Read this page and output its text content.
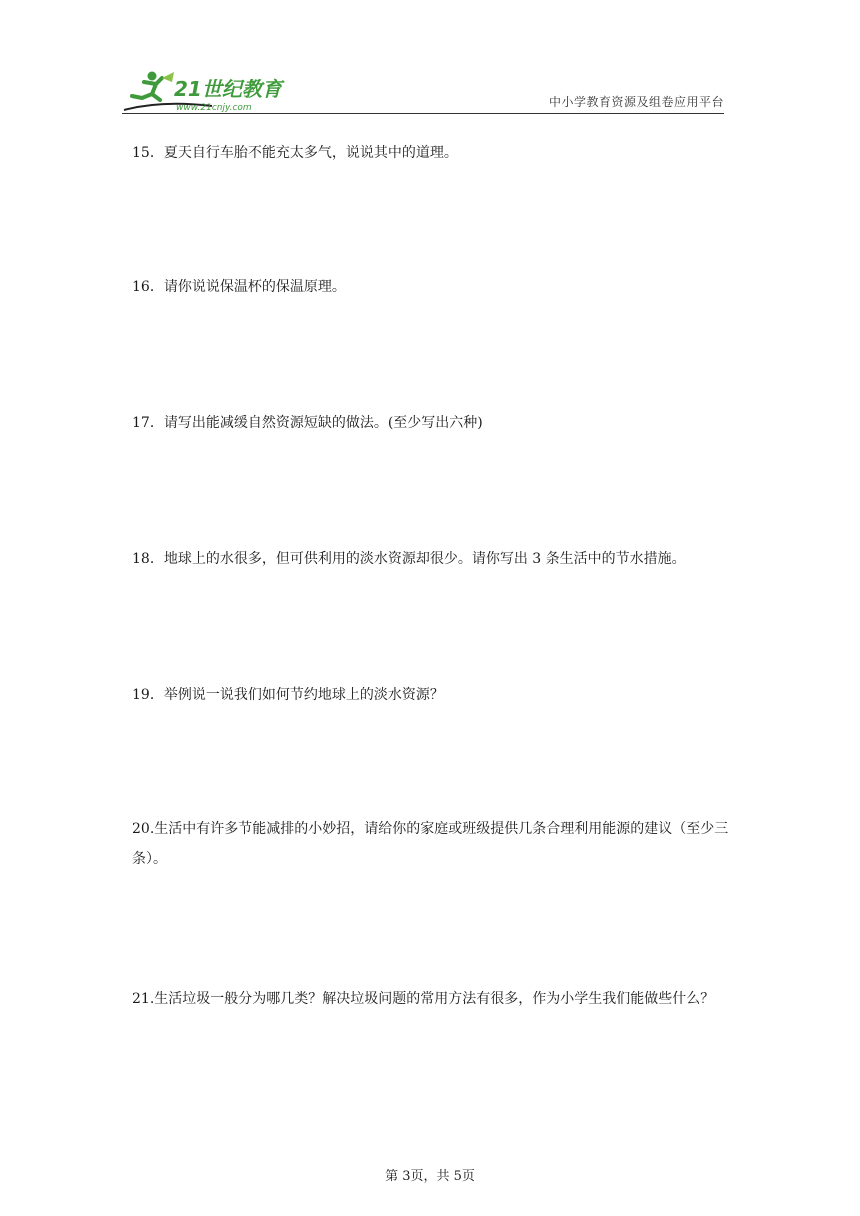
21世纪教育
www.21cnjy.com	中小学教育资源及组卷应用平台

15．夏天自行车胎不能充太多气，说说其中的道理。

16．请你说说保温杯的保温原理。

17．请写出能减缓自然资源短缺的做法。(至少写出六种)

18．地球上的水很多，但可供利用的淡水资源却很少。请你写出 3 条生活中的节水措施。

19．举例说一说我们如何节约地球上的淡水资源？

20.生活中有许多节能减排的小妙招，请给你的家庭或班级提供几条合理利用能源的建议（至少三条）。

21.生活垃圾一般分为哪几类？解决垃圾问题的常用方法有很多，作为小学生我们能做些什么？

第 3页，共 5页
